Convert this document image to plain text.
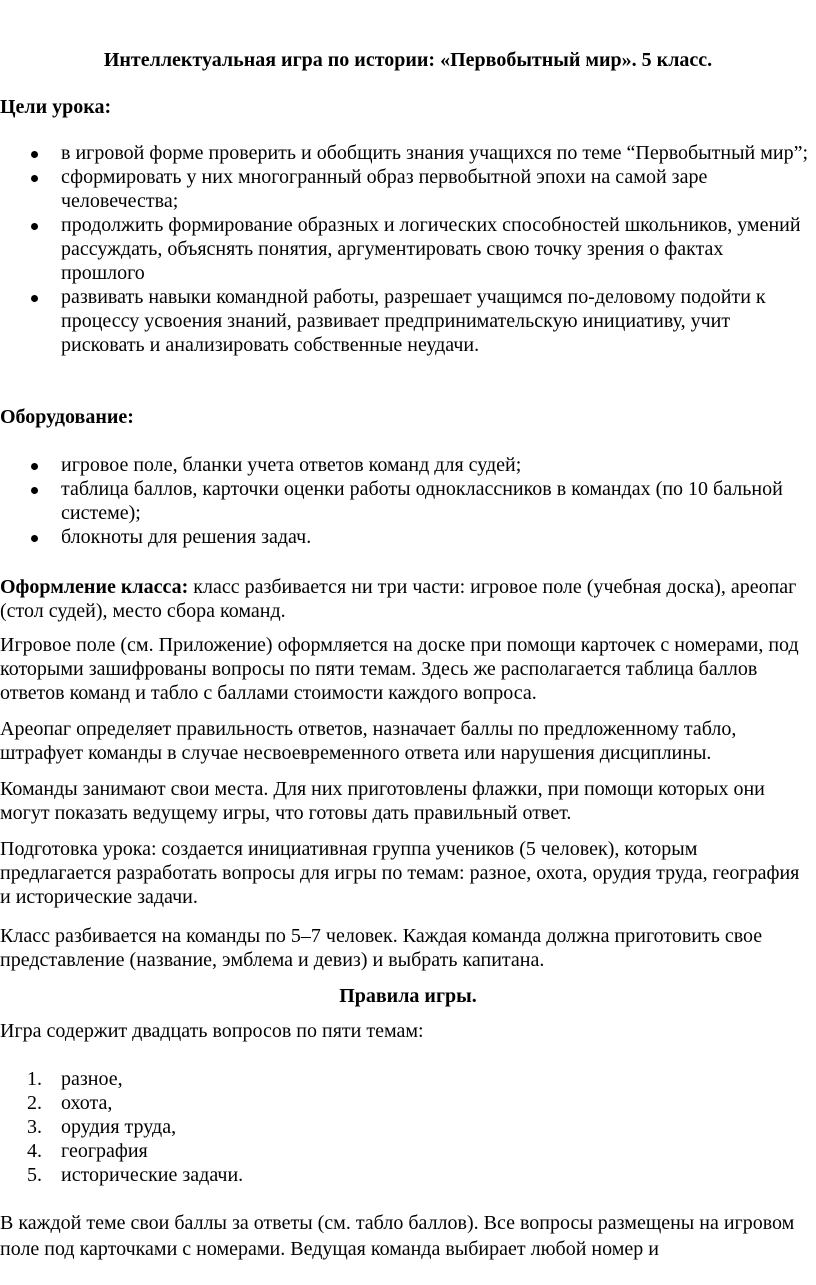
Интеллектуальная игра по истории: «Первобытный мир». 5 класс.

Цели урока:

в игровой форме проверить и обобщить знания учащихся по теме “Первобытный мир”;
сформировать у них многогранный образ первобытной эпохи на самой заре человечества;
продолжить формирование образных и логических способностей школьников, умений рассуждать, объяснять понятия, аргументировать свою точку зрения о фактах прошлого
развивать навыки командной работы, разрешает учащимся по-деловому подойти к процессу усвоения знаний, развивает предпринимательскую инициативу, учит рисковать и анализировать собственные неудачи.

Оборудование:

игровое поле, бланки учета ответов команд для судей;
таблица баллов, карточки оценки работы одноклассников в командах (по 10 бальной системе);
блокноты для решения задач.

Оформление класса: класс разбивается ни три части: игровое поле (учебная доска), ареопаг (стол судей), место сбора команд.

Игровое поле (см. Приложение) оформляется на доске при помощи карточек с номерами, под которыми зашифрованы вопросы по пяти темам. Здесь же располагается таблица баллов ответов команд и табло с баллами стоимости каждого вопроса.

Ареопаг определяет правильность ответов, назначает баллы по предложенному табло, штрафует команды в случае несвоевременного ответа или нарушения дисциплины.

Команды занимают свои места. Для них приготовлены флажки, при помощи которых они могут показать ведущему игры, что готовы дать правильный ответ.

Подготовка урока: создается инициативная группа учеников (5 человек), которым предлагается разработать вопросы для игры по темам: разное, охота, орудия труда, география и исторические задачи.

Класс разбивается на команды по 5–7 человек. Каждая команда должна приготовить свое представление (название, эмблема и девиз) и выбрать капитана.

Правила игры.

Игра содержит двадцать вопросов по пяти темам:

1. разное,
2. охота,
3. орудия труда,
4. география
5. исторические задачи.

В каждой теме свои баллы за ответы (см. табло баллов). Все вопросы размещены на игровом поле под карточками с номерами. Ведущая команда выбирает любой номер и
